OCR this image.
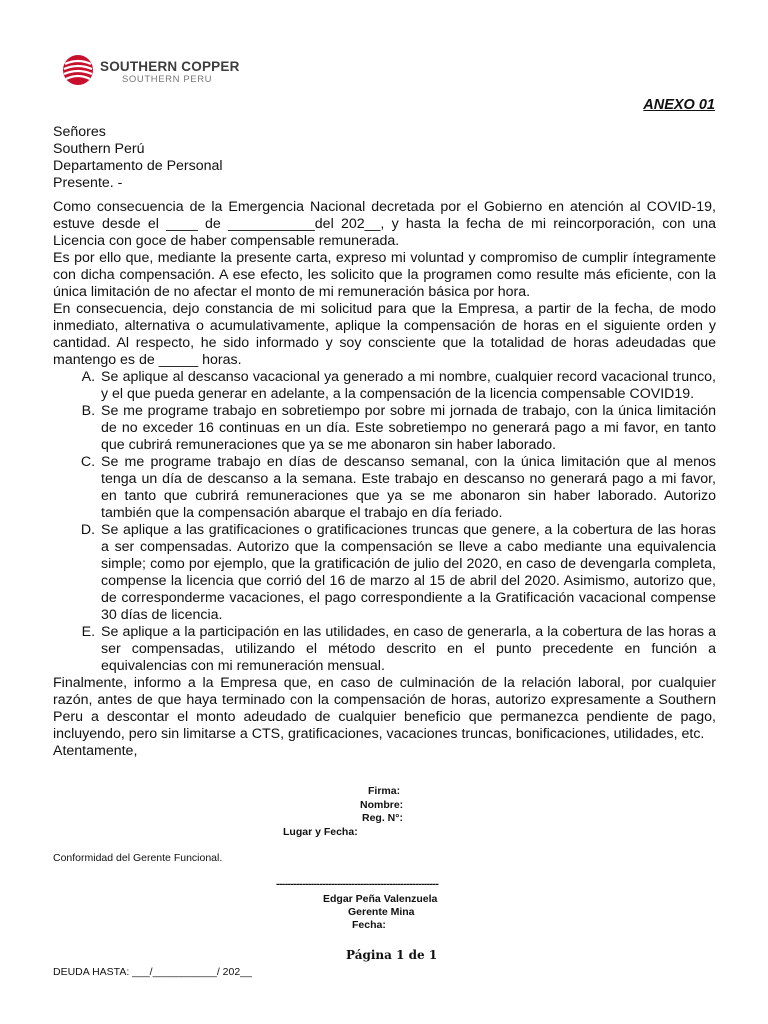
SOUTHERN COPPER
SOUTHERN PERU
ANEXO 01
Señores
Southern Perú
Departamento de Personal
Presente. -

Como consecuencia de la Emergencia Nacional decretada por el Gobierno en atención al COVID-19, estuve desde el ____ de ___________del 202__, y hasta la fecha de mi reincorporación, con una Licencia con goce de haber compensable remunerada.

Es por ello que, mediante la presente carta, expreso mi voluntad y compromiso de cumplir íntegramente con dicha compensación. A ese efecto, les solicito que la programen como resulte más eficiente, con la única limitación de no afectar el monto de mi remuneración básica por hora.

En consecuencia, dejo constancia de mi solicitud para que la Empresa, a partir de la fecha, de modo inmediato, alternativa o acumulativamente, aplique la compensación de horas en el siguiente orden y cantidad. Al respecto, he sido informado y soy consciente que la totalidad de horas adeudadas que mantengo es de _____ horas.

A. Se aplique al descanso vacacional ya generado a mi nombre, cualquier record vacacional trunco, y el que pueda generar en adelante, a la compensación de la licencia compensable COVID19.
B. Se me programe trabajo en sobretiempo por sobre mi jornada de trabajo, con la única limitación de no exceder 16 continuas en un día. Este sobretiempo no generará pago a mi favor, en tanto que cubrirá remuneraciones que ya se me abonaron sin haber laborado.
C. Se me programe trabajo en días de descanso semanal, con la única limitación que al menos tenga un día de descanso a la semana. Este trabajo en descanso no generará pago a mi favor, en tanto que cubrirá remuneraciones que ya se me abonaron sin haber laborado. Autorizo también que la compensación abarque el trabajo en día feriado.
D. Se aplique a las gratificaciones o gratificaciones truncas que genere, a la cobertura de las horas a ser compensadas. Autorizo que la compensación se lleve a cabo mediante una equivalencia simple; como por ejemplo, que la gratificación de julio del 2020, en caso de devengarla completa, compense la licencia que corrió del 16 de marzo al 15 de abril del 2020. Asimismo, autorizo que, de corresponderme vacaciones, el pago correspondiente a la Gratificación vacacional compense 30 días de licencia.
E. Se aplique a la participación en las utilidades, en caso de generarla, a la cobertura de las horas a ser compensadas, utilizando el método descrito en el punto precedente en función a equivalencias con mi remuneración mensual.

Finalmente, informo a la Empresa que, en caso de culminación de la relación laboral, por cualquier razón, antes de que haya terminado con la compensación de horas, autorizo expresamente a Southern Peru a descontar el monto adeudado de cualquier beneficio que permanezca pendiente de pago, incluyendo, pero sin limitarse a CTS, gratificaciones, vacaciones truncas, bonificaciones, utilidades, etc.

Atentamente,

Firma:
Nombre:
Reg. N°:
Lugar y Fecha:
Conformidad del Gerente Funcional.
--------------------------------------------------------
Edgar Peña Valenzuela
Gerente Mina
Fecha:
Página 1 de 1
DEUDA HASTA: ___/___________/ 202__
